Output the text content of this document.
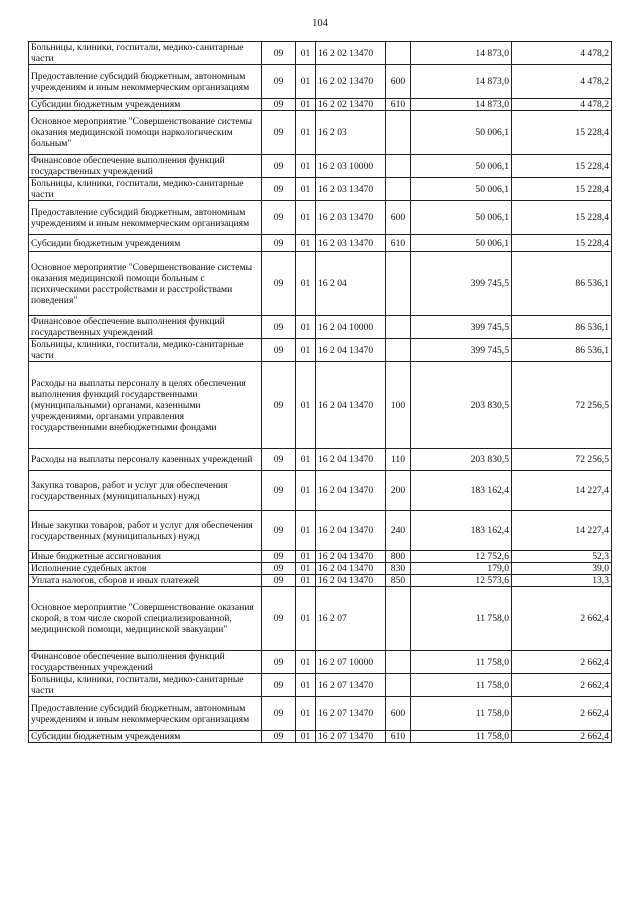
104
Больницы, клиники, госпитали, медико-санитарные части	09	01	16 2 02 13470		14 873,0	4 478,2
Предоставление субсидий бюджетным, автономным учреждениям и иным некоммерческим организациям	09	01	16 2 02 13470	600	14 873,0	4 478,2
Субсидии бюджетным учреждениям	09	01	16 2 02 13470	610	14 873,0	4 478,2
Основное мероприятие "Совершенствование системы оказания медицинской помощи наркологическим больным"	09	01	16 2 03		50 006,1	15 228,4
Финансовое обеспечение выполнения функций государственных учреждений	09	01	16 2 03 10000		50 006,1	15 228,4
Больницы, клиники, госпитали, медико-санитарные части	09	01	16 2 03 13470		50 006,1	15 228,4
Предоставление субсидий бюджетным, автономным учреждениям и иным некоммерческим организациям	09	01	16 2 03 13470	600	50 006,1	15 228,4
Субсидии бюджетным учреждениям	09	01	16 2 03 13470	610	50 006,1	15 228,4
Основное мероприятие "Совершенствование системы оказания медицинской помощи больным с психическими расстройствами и расстройствами поведения"	09	01	16 2 04		399 745,5	86 536,1
Финансовое обеспечение выполнения функций государственных учреждений	09	01	16 2 04 10000		399 745,5	86 536,1
Больницы, клиники, госпитали, медико-санитарные части	09	01	16 2 04 13470		399 745,5	86 536,1
Расходы на выплаты персоналу в целях обеспечения выполнения функций государственными (муниципальными) органами, казенными учреждениями, органами управления государственными внебюджетными фондами	09	01	16 2 04 13470	100	203 830,5	72 256,5
Расходы на выплаты персоналу казенных учреждений	09	01	16 2 04 13470	110	203 830,5	72 256,5
Закупка товаров, работ и услуг для обеспечения государственных (муниципальных) нужд	09	01	16 2 04 13470	200	183 162,4	14 227,4
Иные закупки товаров, работ и услуг для обеспечения государственных (муниципальных) нужд	09	01	16 2 04 13470	240	183 162,4	14 227,4
Иные бюджетные ассигнования	09	01	16 2 04 13470	800	12 752,6	52,3
Исполнение судебных актов	09	01	16 2 04 13470	830	179,0	39,0
Уплата налогов, сборов и иных платежей	09	01	16 2 04 13470	850	12 573,6	13,3
Основное мероприятие "Совершенствование оказания скорой, в том числе скорой специализированной, медицинской помощи, медицинской эвакуации"	09	01	16 2 07		11 758,0	2 662,4
Финансовое обеспечение выполнения функций государственных учреждений	09	01	16 2 07 10000		11 758,0	2 662,4
Больницы, клиники, госпитали, медико-санитарные части	09	01	16 2 07 13470		11 758,0	2 662,4
Предоставление субсидий бюджетным, автономным учреждениям и иным некоммерческим организациям	09	01	16 2 07 13470	600	11 758,0	2 662,4
Субсидии бюджетным учреждениям	09	01	16 2 07 13470	610	11 758,0	2 662,4
